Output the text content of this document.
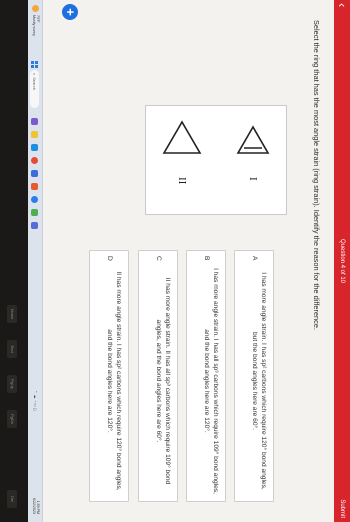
‹
Question 4 of 10
Submit
Select the ring that has the most angle strain (ring strain). Identify the reason for the difference.
I
II
A
I has more angle strain. I has sp² carbons which require 120° bond angles, but the bond angles here are 60°.
B
I has more angle strain. I has all sp³ carbons which require 109° bond angles, and the bond angles here are 120°.
C
II has more angle strain. II has all sp³ carbons which require 109° bond angles, and the bond angles here are 60°.
D
II has more angle strain. I has sp² carbons which require 120° bond angles, and the bond angles here are 120°.
+
79°F
Mostly sunny
⌕Search
⌃ ☁ ◔ ▭ ))
1:59 PM
6/22/2023
Home
End
PgUp
PgDn
Del
